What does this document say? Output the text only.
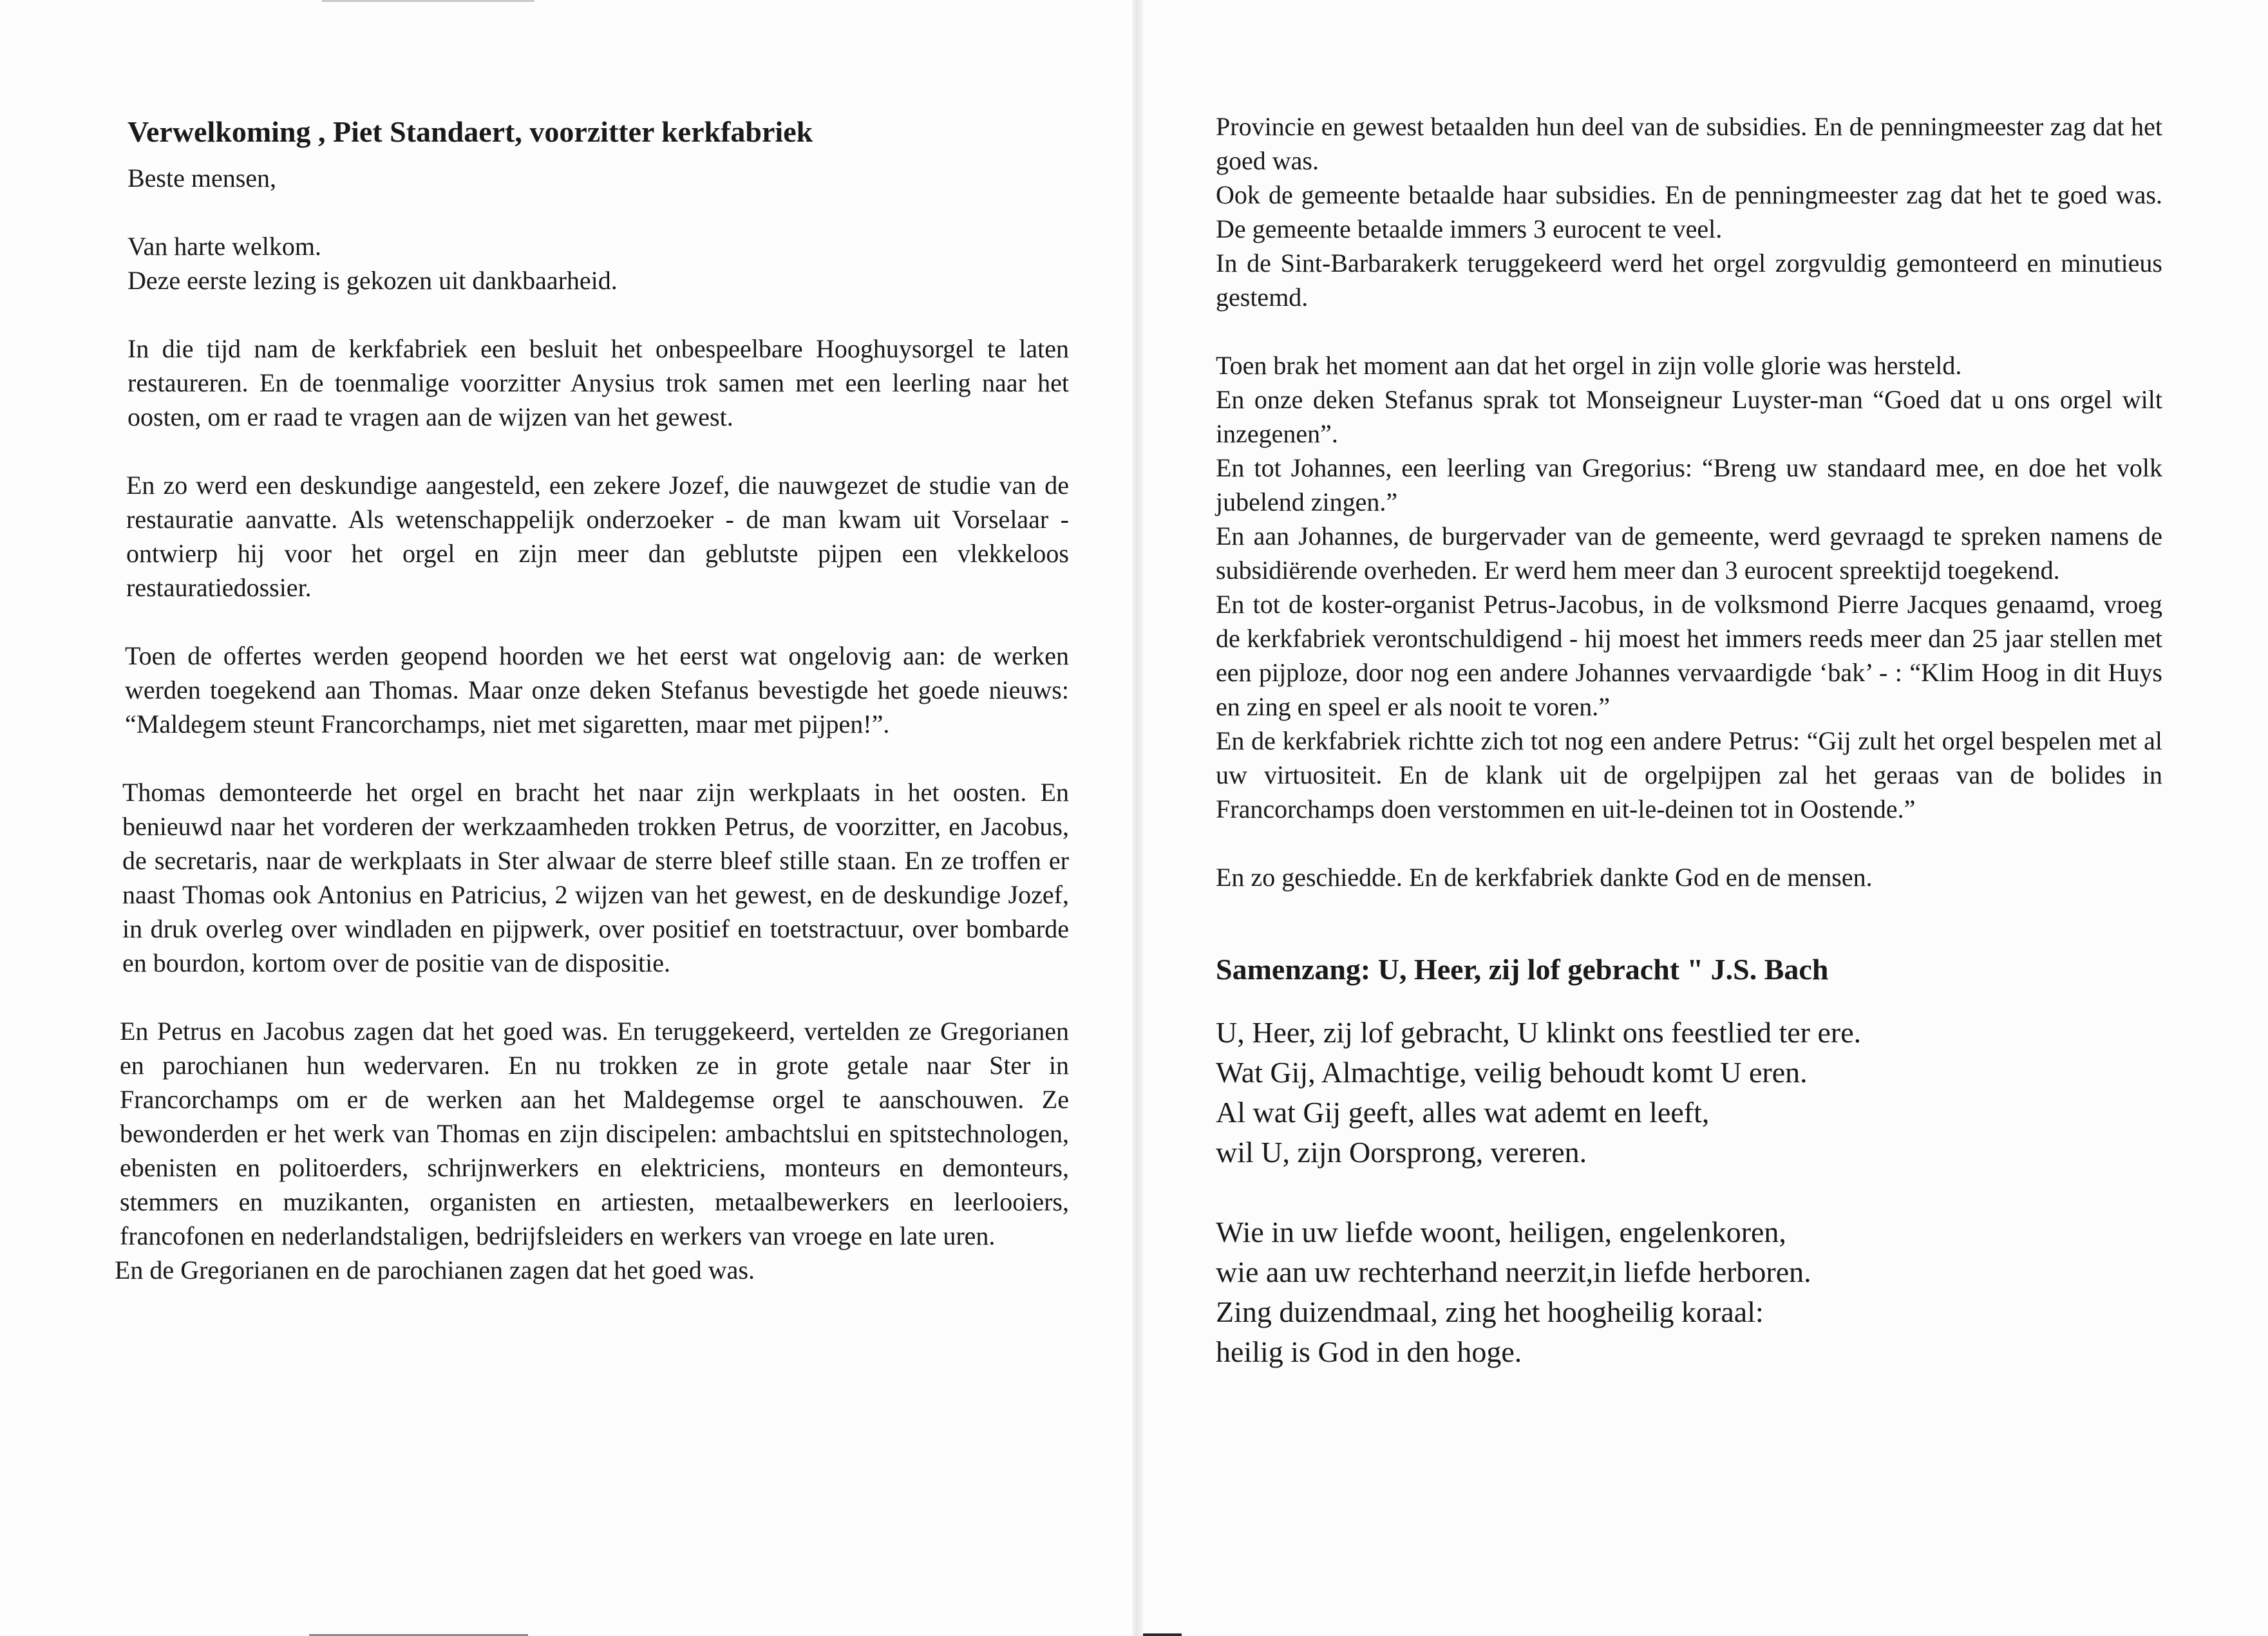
Verwelkoming , Piet Standaert, voorzitter kerkfabriek

Beste mensen,

Van harte welkom.
Deze eerste lezing is gekozen uit dankbaarheid.

In die tijd nam de kerkfabriek een besluit het onbespeelbare Hooghuysorgel te laten restaureren. En de toenmalige voorzitter Anysius trok samen met een leerling naar het oosten, om er raad te vragen aan de wijzen van het gewest.

En zo werd een deskundige aangesteld, een zekere Jozef, die nauwgezet de studie van de restauratie aanvatte. Als wetenschappelijk onderzoeker - de man kwam uit Vorselaar - ontwierp hij voor het orgel en zijn meer dan geblutste pijpen een vlekkeloos restauratiedossier.

Toen de offertes werden geopend hoorden we het eerst wat ongelovig aan: de werken werden toegekend aan Thomas. Maar onze deken Stefanus bevestigde het goede nieuws: “Maldegem steunt Francorchamps, niet met sigaretten, maar met pijpen!”.

Thomas demonteerde het orgel en bracht het naar zijn werkplaats in het oosten. En benieuwd naar het vorderen der werkzaamheden trokken Petrus, de voorzitter, en Jacobus, de secretaris, naar de werkplaats in Ster alwaar de sterre bleef stille staan. En ze troffen er naast Thomas ook Antonius en Patricius, 2 wijzen van het gewest, en de deskundige Jozef, in druk overleg over windladen en pijpwerk, over positief en toetstractuur, over bombarde en bourdon, kortom over de positie van de dispositie.

En Petrus en Jacobus zagen dat het goed was. En teruggekeerd, vertelden ze Gregorianen en parochianen hun wedervaren. En nu trokken ze in grote getale naar Ster in Francorchamps om er de werken aan het Maldegemse orgel te aanschouwen. Ze bewonderden er het werk van Thomas en zijn discipelen: ambachtslui en spitstechnologen, ebenisten en politoerders, schrijnwerkers en elektriciens, monteurs en demonteurs, stemmers en muzikanten, organisten en artiesten, metaalbewerkers en leerlooiers, francofonen en nederlandstaligen, bedrijfsleiders en werkers van vroege en late uren.
En de Gregorianen en de parochianen zagen dat het goed was.

Provincie en gewest betaalden hun deel van de subsidies. En de penningmeester zag dat het goed was.

Ook de gemeente betaalde haar subsidies. En de penningmeester zag dat het te goed was. De gemeente betaalde immers 3 eurocent te veel.

In de Sint-Barbarakerk teruggekeerd werd het orgel zorgvuldig gemonteerd en minutieus gestemd.

Toen brak het moment aan dat het orgel in zijn volle glorie was hersteld.

En onze deken Stefanus sprak tot Monseigneur Luyster-man “Goed dat u ons orgel wilt inzegenen”.

En tot Johannes, een leerling van Gregorius: “Breng uw standaard mee, en doe het volk jubelend zingen.”

En aan Johannes, de burgervader van de gemeente, werd gevraagd te spreken namens de subsidiërende overheden. Er werd hem meer dan 3 eurocent spreektijd toegekend.

En tot de koster-organist Petrus-Jacobus, in de volksmond Pierre Jacques genaamd, vroeg de kerkfabriek verontschuldigend - hij moest het immers reeds meer dan 25 jaar stellen met een pijploze, door nog een andere Johannes vervaardigde ‘bak’ - : “Klim Hoog in dit Huys en zing en speel er als nooit te voren.”

En de kerkfabriek richtte zich tot nog een andere Petrus: “Gij zult het orgel bespelen met al uw virtuositeit. En de klank uit de orgelpijpen zal het geraas van de bolides in Francorchamps doen verstommen en uit-le-deinen tot in Oostende.”

En zo geschiedde. En de kerkfabriek dankte God en de mensen.

Samenzang: U, Heer, zij lof gebracht " J.S. Bach
U, Heer, zij lof gebracht, U klinkt ons feestlied ter ere.
Wat Gij, Almachtige, veilig behoudt komt U eren.
Al wat Gij geeft, alles wat ademt en leeft,
wil U, zijn Oorsprong, vereren.
Wie in uw liefde woont, heiligen, engelenkoren,
wie aan uw rechterhand neerzit,in liefde herboren.
Zing duizendmaal, zing het hoogheilig koraal:
heilig is God in den hoge.
